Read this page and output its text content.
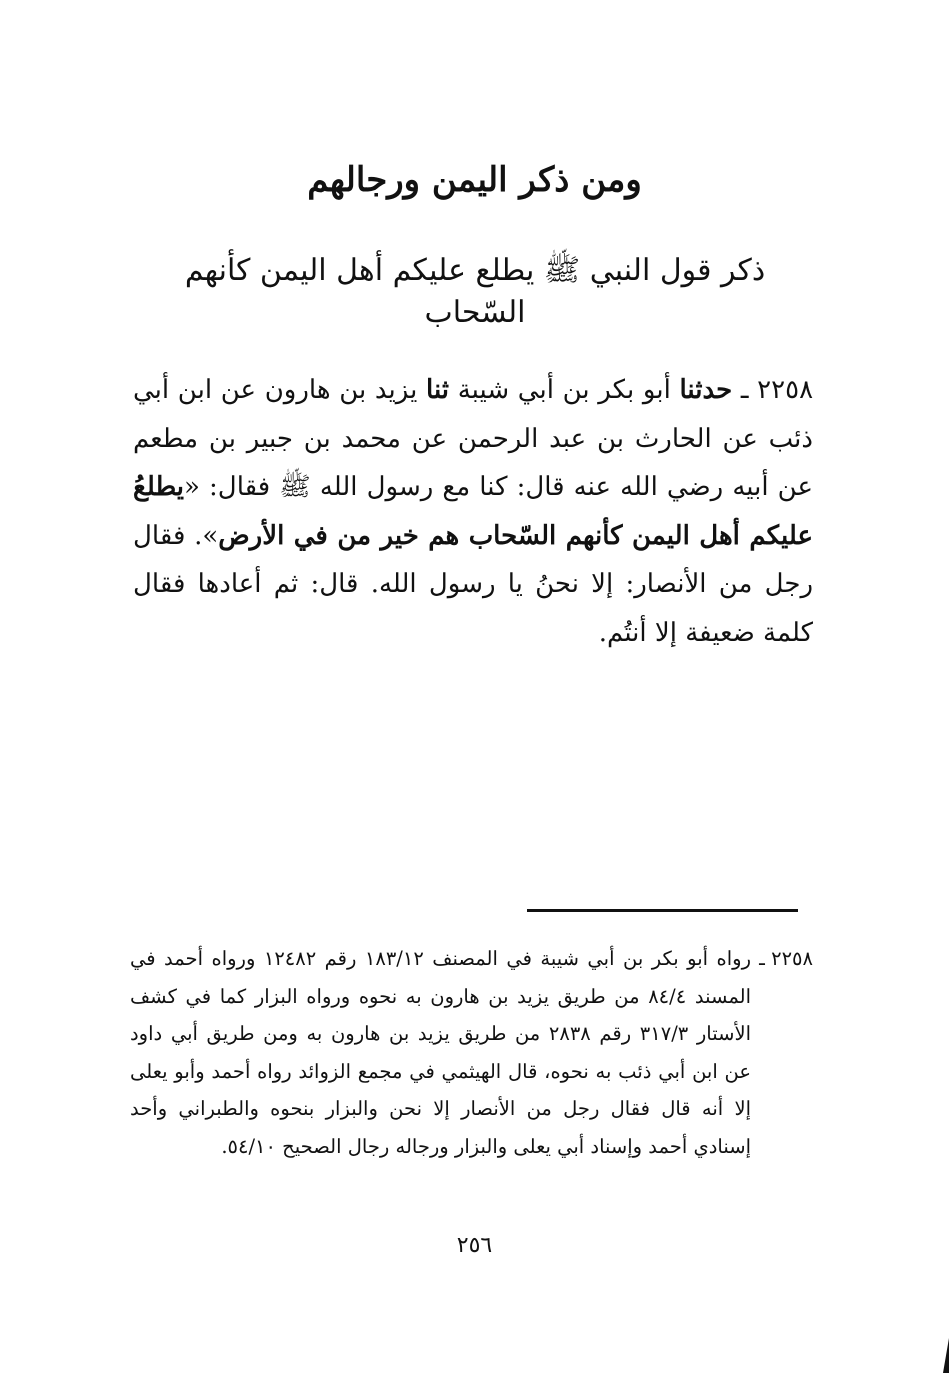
ومن ذكر اليمن ورجالهم
ذكر قول النبي ﷺ يطلع عليكم أهل اليمن كأنهم السّحاب

٢٢٥٨ ـ حدثنا أبو بكر بن أبي شيبة ثنا يزيد بن هارون عن ابن أبي ذئب عن الحارث بن عبد الرحمن عن محمد بن جبير بن مطعم عن أبيه رضي الله عنه قال: كنا مع رسول الله ﷺ فقال: «يطلعُ عليكم أهل اليمن كأنهم السّحاب هم خير من في الأرض». فقال رجل من الأنصار: إلا نحنُ يا رسول الله. قال: ثم أعادها فقال كلمة ضعيفة إلا أنتُم.

٢٢٥٨ ـ
رواه أبو بكر بن أبي شيبة في المصنف ١٨٣/١٢ رقم ١٢٤٨٢ ورواه أحمد في المسند ٨٤/٤ من طريق يزيد بن هارون به نحوه ورواه البزار كما في كشف الأستار ٣١٧/٣ رقم ٢٨٣٨ من طريق يزيد بن هارون به ومن طريق أبي داود عن ابن أبي ذئب به نحوه، قال الهيثمي في مجمع الزوائد رواه أحمد وأبو يعلى إلا أنه قال فقال رجل من الأنصار إلا نحن والبزار بنحوه والطبراني وأحد إسنادي أحمد وإسناد أبي يعلى والبزار ورجاله رجال الصحيح ٥٤/١٠.
٢٥٦
